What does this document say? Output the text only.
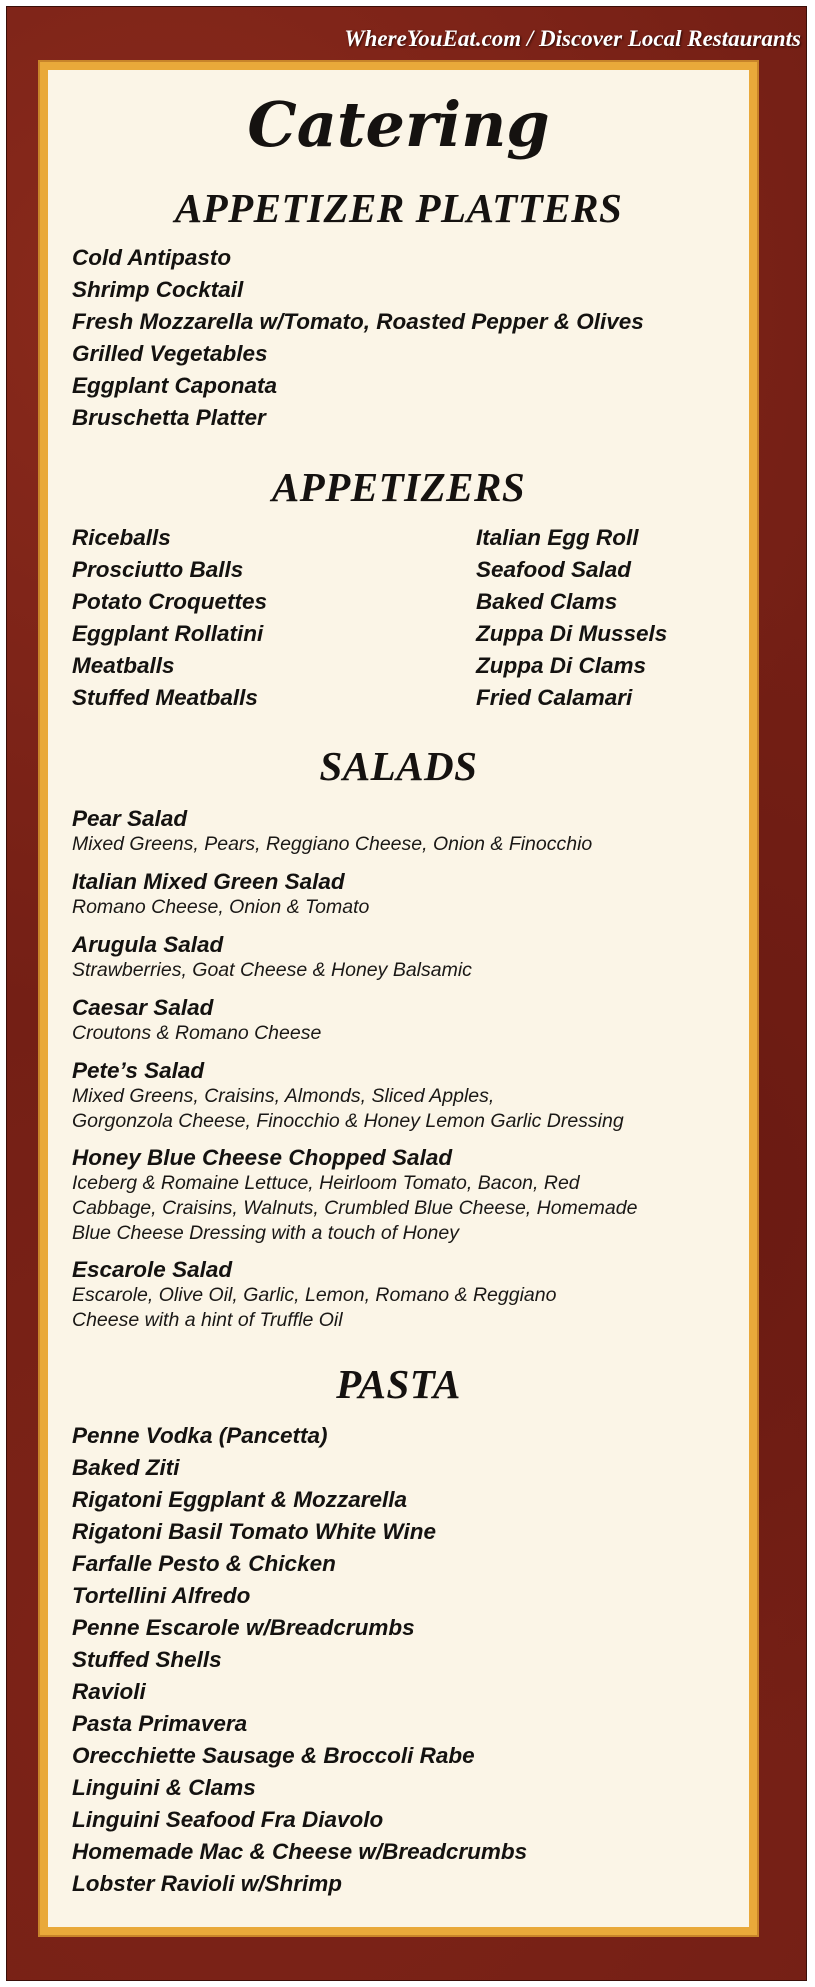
WhereYouEat.com / Discover Local Restaurants
Catering
APPETIZER PLATTERS
Cold Antipasto
Shrimp Cocktail
Fresh Mozzarella w/Tomato, Roasted Pepper & Olives
Grilled Vegetables
Eggplant Caponata
Bruschetta Platter
APPETIZERS
Riceballs
Prosciutto Balls
Potato Croquettes
Eggplant Rollatini
Meatballs
Stuffed Meatballs
Italian Egg Roll
Seafood Salad
Baked Clams
Zuppa Di Mussels
Zuppa Di Clams
Fried Calamari
SALADS
Pear Salad
Mixed Greens, Pears, Reggiano Cheese, Onion & Finocchio
Italian Mixed Green Salad
Romano Cheese, Onion & Tomato
Arugula Salad
Strawberries, Goat Cheese & Honey Balsamic
Caesar Salad
Croutons & Romano Cheese
Pete’s Salad
Mixed Greens, Craisins, Almonds, Sliced Apples,
Gorgonzola Cheese, Finocchio & Honey Lemon Garlic Dressing
Honey Blue Cheese Chopped Salad
Iceberg & Romaine Lettuce, Heirloom Tomato, Bacon, Red
Cabbage, Craisins, Walnuts, Crumbled Blue Cheese, Homemade
Blue Cheese Dressing with a touch of Honey
Escarole Salad
Escarole, Olive Oil, Garlic, Lemon, Romano & Reggiano
Cheese with a hint of Truffle Oil
PASTA
Penne Vodka (Pancetta)
Baked Ziti
Rigatoni Eggplant & Mozzarella
Rigatoni Basil Tomato White Wine
Farfalle Pesto & Chicken
Tortellini Alfredo
Penne Escarole w/Breadcrumbs
Stuffed Shells
Ravioli
Pasta Primavera
Orecchiette Sausage & Broccoli Rabe
Linguini & Clams
Linguini Seafood Fra Diavolo
Homemade Mac & Cheese w/Breadcrumbs
Lobster Ravioli w/Shrimp
